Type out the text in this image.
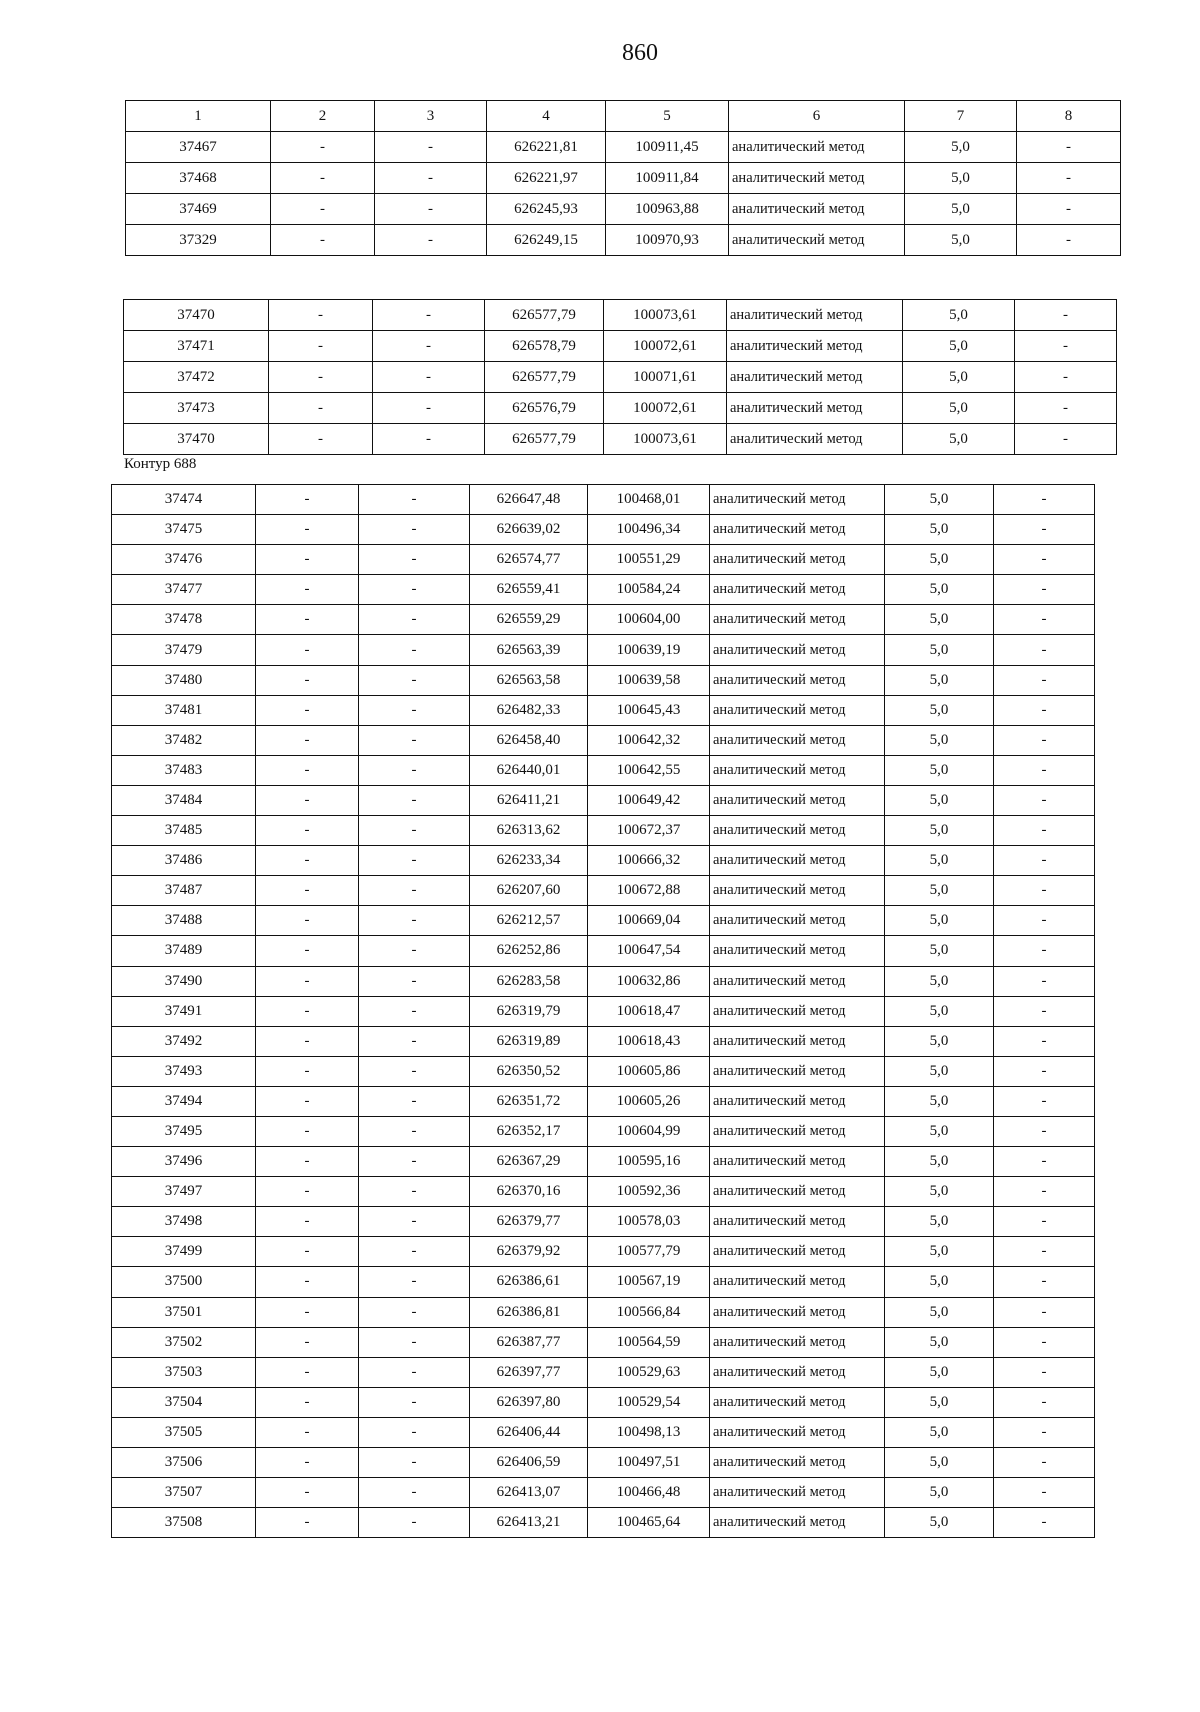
860
1	2	3	4	5	6	7	8
37467	-	-	626221,81	100911,45	аналитический метод	5,0	-
37468	-	-	626221,97	100911,84	аналитический метод	5,0	-
37469	-	-	626245,93	100963,88	аналитический метод	5,0	-
37329	-	-	626249,15	100970,93	аналитический метод	5,0	-
37470	-	-	626577,79	100073,61	аналитический метод	5,0	-
37471	-	-	626578,79	100072,61	аналитический метод	5,0	-
37472	-	-	626577,79	100071,61	аналитический метод	5,0	-
37473	-	-	626576,79	100072,61	аналитический метод	5,0	-
37470	-	-	626577,79	100073,61	аналитический метод	5,0	-
Контур 688
37474	-	-	626647,48	100468,01	аналитический метод	5,0	-
37475	-	-	626639,02	100496,34	аналитический метод	5,0	-
37476	-	-	626574,77	100551,29	аналитический метод	5,0	-
37477	-	-	626559,41	100584,24	аналитический метод	5,0	-
37478	-	-	626559,29	100604,00	аналитический метод	5,0	-
37479	-	-	626563,39	100639,19	аналитический метод	5,0	-
37480	-	-	626563,58	100639,58	аналитический метод	5,0	-
37481	-	-	626482,33	100645,43	аналитический метод	5,0	-
37482	-	-	626458,40	100642,32	аналитический метод	5,0	-
37483	-	-	626440,01	100642,55	аналитический метод	5,0	-
37484	-	-	626411,21	100649,42	аналитический метод	5,0	-
37485	-	-	626313,62	100672,37	аналитический метод	5,0	-
37486	-	-	626233,34	100666,32	аналитический метод	5,0	-
37487	-	-	626207,60	100672,88	аналитический метод	5,0	-
37488	-	-	626212,57	100669,04	аналитический метод	5,0	-
37489	-	-	626252,86	100647,54	аналитический метод	5,0	-
37490	-	-	626283,58	100632,86	аналитический метод	5,0	-
37491	-	-	626319,79	100618,47	аналитический метод	5,0	-
37492	-	-	626319,89	100618,43	аналитический метод	5,0	-
37493	-	-	626350,52	100605,86	аналитический метод	5,0	-
37494	-	-	626351,72	100605,26	аналитический метод	5,0	-
37495	-	-	626352,17	100604,99	аналитический метод	5,0	-
37496	-	-	626367,29	100595,16	аналитический метод	5,0	-
37497	-	-	626370,16	100592,36	аналитический метод	5,0	-
37498	-	-	626379,77	100578,03	аналитический метод	5,0	-
37499	-	-	626379,92	100577,79	аналитический метод	5,0	-
37500	-	-	626386,61	100567,19	аналитический метод	5,0	-
37501	-	-	626386,81	100566,84	аналитический метод	5,0	-
37502	-	-	626387,77	100564,59	аналитический метод	5,0	-
37503	-	-	626397,77	100529,63	аналитический метод	5,0	-
37504	-	-	626397,80	100529,54	аналитический метод	5,0	-
37505	-	-	626406,44	100498,13	аналитический метод	5,0	-
37506	-	-	626406,59	100497,51	аналитический метод	5,0	-
37507	-	-	626413,07	100466,48	аналитический метод	5,0	-
37508	-	-	626413,21	100465,64	аналитический метод	5,0	-
